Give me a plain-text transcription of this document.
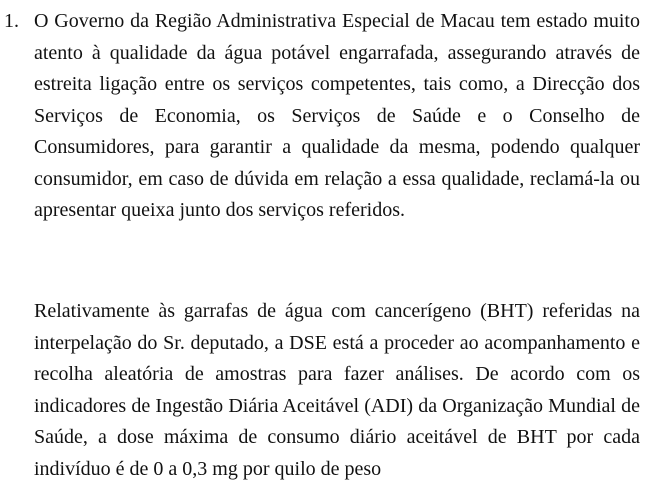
1. O Governo da Região Administrativa Especial de Macau tem estado muito atento à qualidade da água potável engarrafada, assegurando através de estreita ligação entre os serviços competentes, tais como, a Direcção dos Serviços de Economia, os Serviços de Saúde e o Conselho de Consumidores, para garantir a qualidade da mesma, podendo qualquer consumidor, em caso de dúvida em relação a essa qualidade, reclamá-la ou apresentar queixa junto dos serviços referidos.

Relativamente às garrafas de água com cancerígeno (BHT) referidas na interpelação do Sr. deputado, a DSE está a proceder ao acompanhamento e recolha aleatória de amostras para fazer análises. De acordo com os indicadores de Ingestão Diária Aceitável (ADI) da Organização Mundial de Saúde, a dose máxima de consumo diário aceitável de BHT por cada indivíduo é de 0 a 0,3 mg por quilo de peso
